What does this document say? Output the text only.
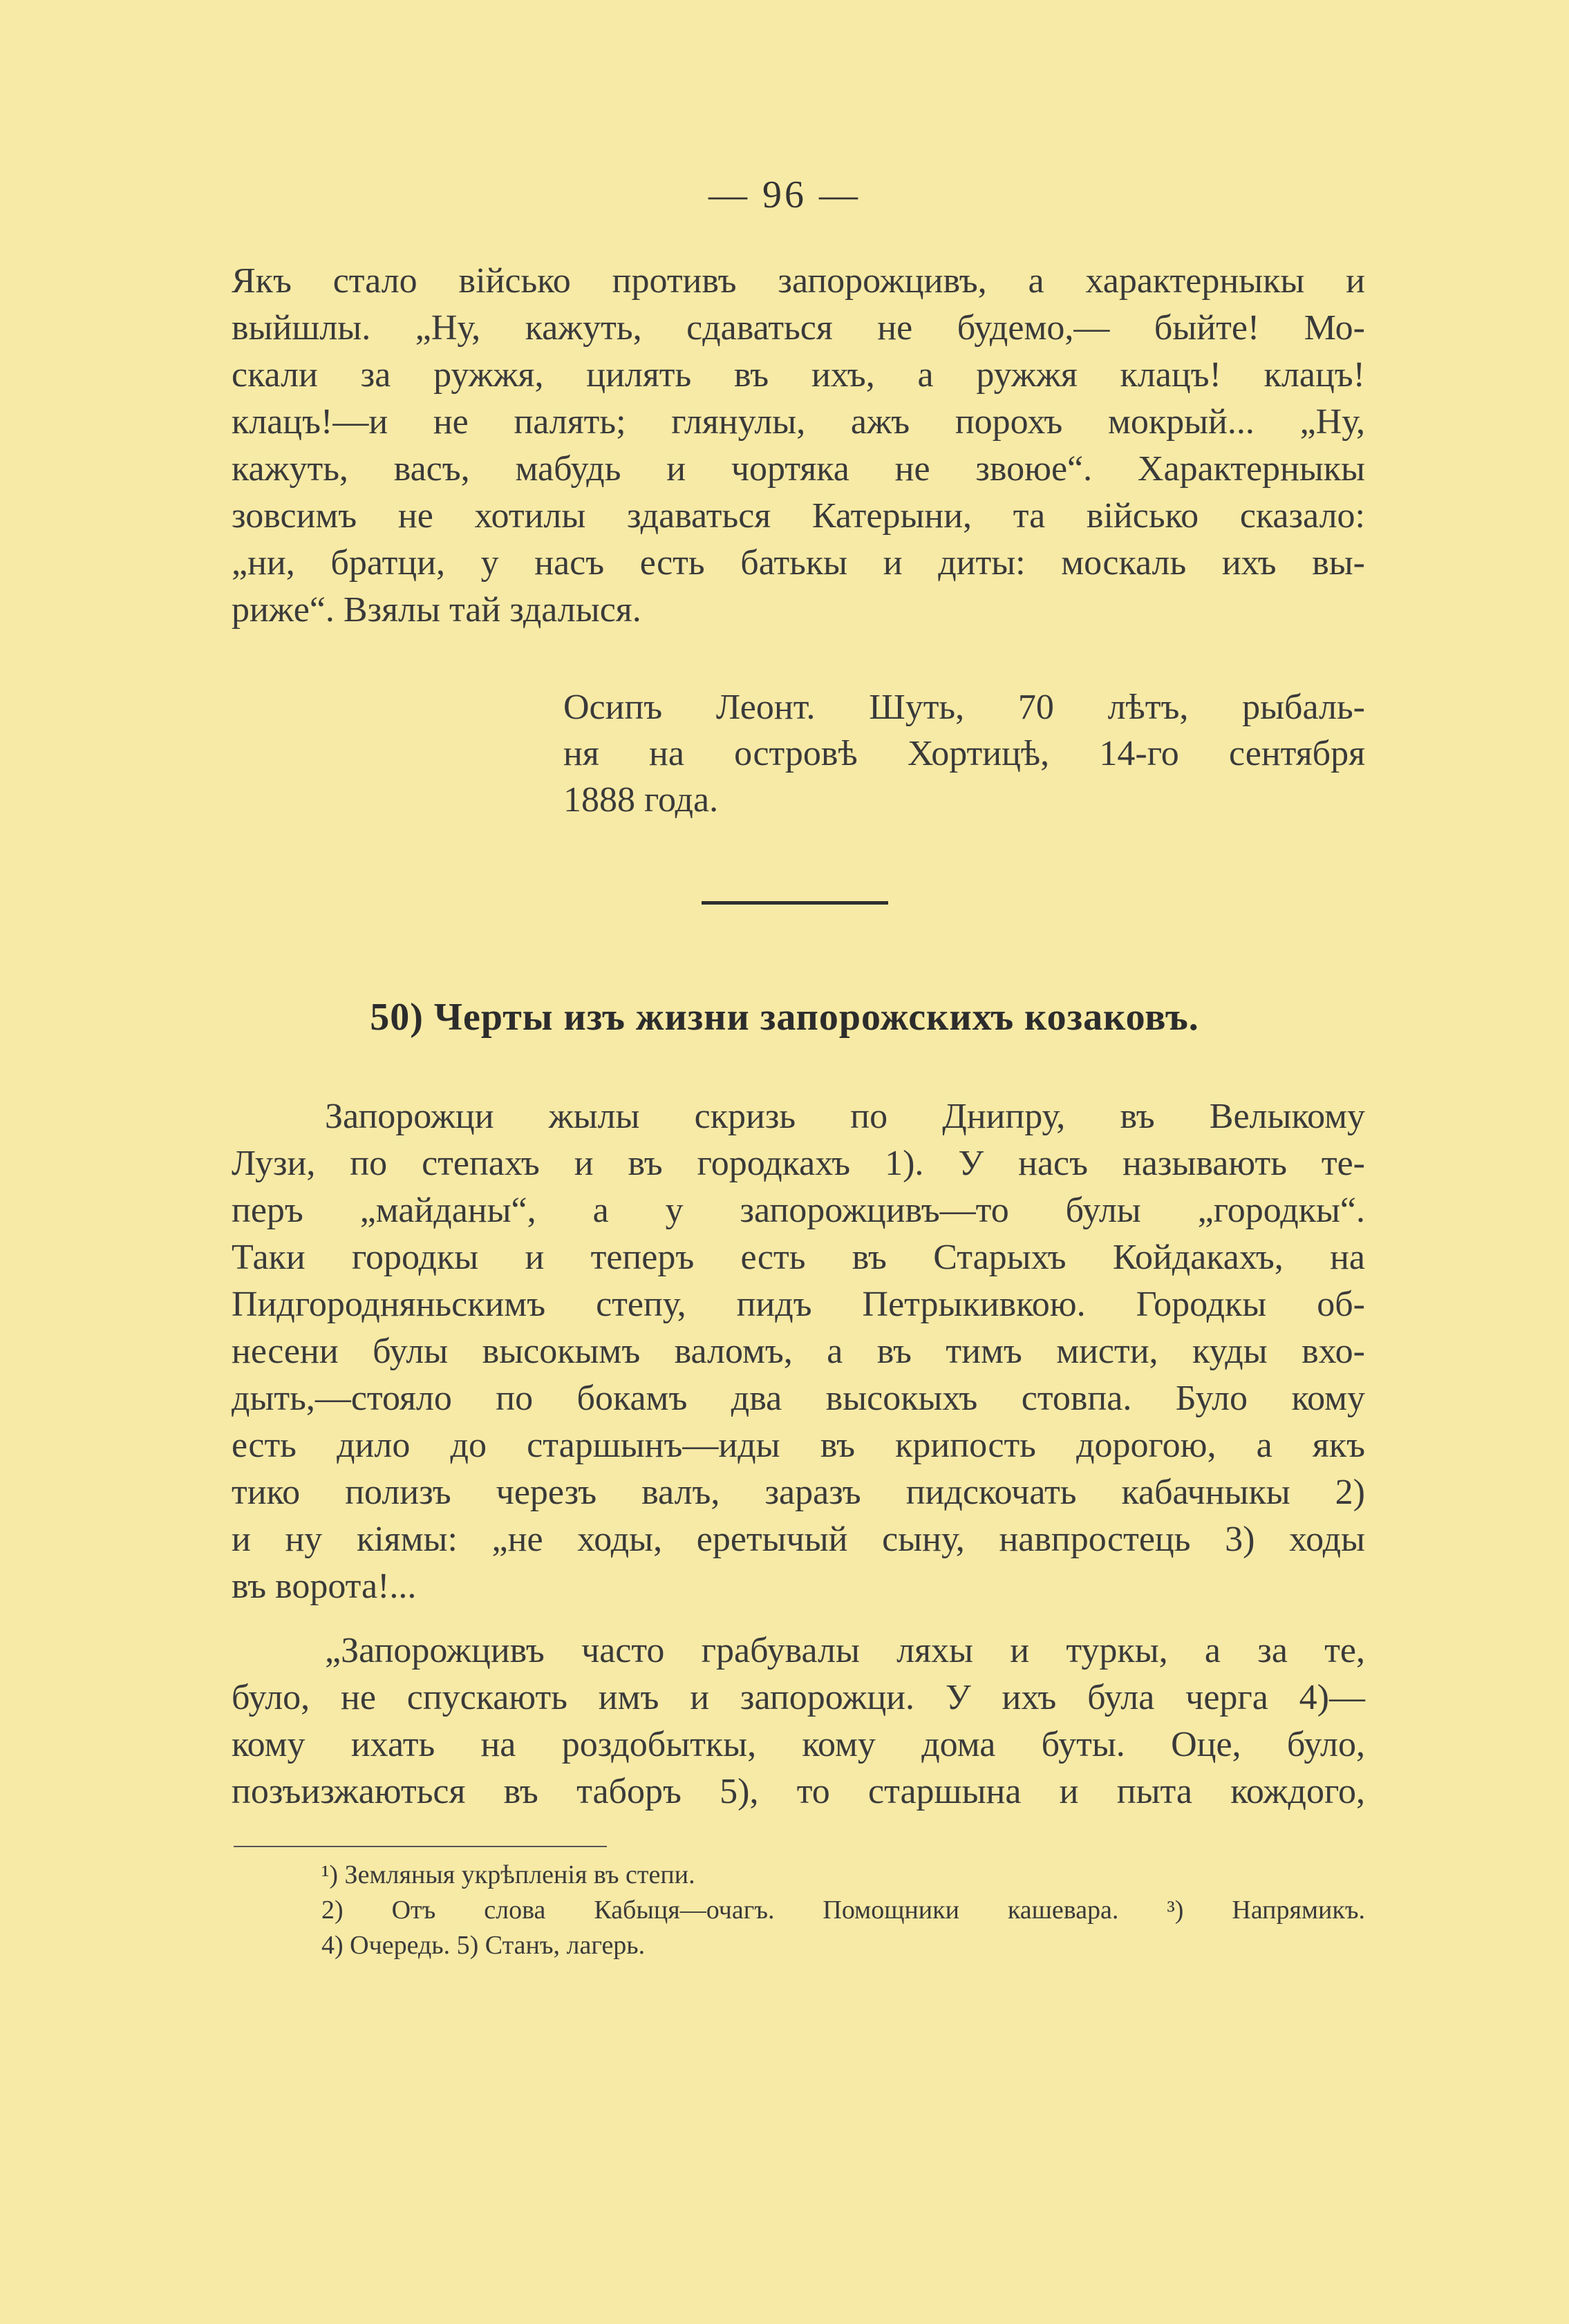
— 96 —
Якъ стало військо противъ запорожцивъ, а характерныкы и
выйшлы. „Ну, кажуть, сдаваться не будемо,— быйте! Мо-
скали за ружжя, цилять въ ихъ, а ружжя клацъ! клацъ!
клацъ!—и не палять; глянулы, ажъ порохъ мокрый... „Ну,
кажуть, васъ, мабудь и чортяка не звоюе“. Характерныкы
зовсимъ не хотилы здаваться Катерыни, та військо сказало:
„ни, братци, у насъ есть батькы и диты: москаль ихъ вы-
рижe“. Взялы тай здалыся.
Осипъ Леонт. Шуть, 70 лѣтъ, рыбаль-
ня на островѣ Хортицѣ, 14-го сентября
1888 года.
50) Черты изъ жизни запорожскихъ козаковъ.
Запорожци жылы скризь по Днипру, въ Велыкому
Лузи, по степахъ и въ городкахъ 1). У насъ называють те-
перъ „майданы“, а у запорожцивъ—то булы „городкы“.
Таки городкы и теперъ есть въ Старыхъ Койдакахъ, на
Пидгородняньскимъ степу, пидъ Петрыкивкою. Городкы об-
несени булы высокымъ валомъ, а въ тимъ мисти, куды вхо-
дыть,—стояло по бокамъ два высокыхъ стовпа. Було кому
есть дило до старшынъ—иды въ крипость дорогою, а якъ
тико полизъ черезъ валъ, заразъ пидскочать кабачныкы 2)
и ну кіямы: „не ходы, еретычый сыну, навпростець 3) ходы
въ ворота!...
„Запорожцивъ часто грабувалы ляхы и туркы, а за те,
було, не спускають имъ и запорожци. У ихъ була черга 4)—
кому ихать на роздобыткы, кому дома буты. Оце, було,
позъизжаються въ таборъ 5), то старшына и пыта кождого,
¹) Земляныя укрѣпленія въ степи.
2) Отъ слова Кабыця—очагъ. Помощники кашевара. ³) Напрямикъ.
4) Очередь. 5) Станъ, лагерь.
